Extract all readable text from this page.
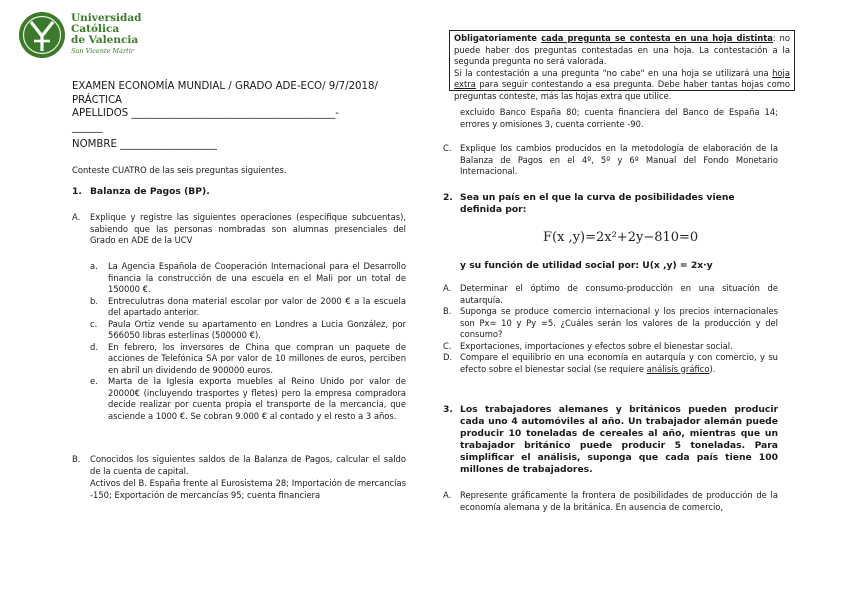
Universidad
Católica
de Valencia
San Vicente Mártir
EXAMEN ECONOMÍA MUNDIAL / GRADO ADE-ECO/ 9/7/2018/
PRÁCTICA
APELLIDOS ________________________________________-
______
NOMBRE ___________________
Conteste CUATRO de las seis preguntas siguientes.
1. Balanza de Pagos (BP).
A. Explique y registre las siguientes operaciones (especifique subcuentas), sabiendo que las personas nombradas son alumnas presenciales del Grado en ADE de la UCV
a. La Agencia Española de Cooperación Internacional para el Desarrollo financia la construcción de una escuela en el Mali por un total de 150000 €.
b. Entreculutras dona material escolar por valor de 2000 € a la escuela del apartado anterior.
c. Paula Ortiz vende su apartamento en Londres a Lucia González, por 566050 libras esterlinas (500000 €).
d. En febrero, los inversores de China que compran un paquete de acciones de Telefónica SA por valor de 10 millones de euros, perciben en abril un dividendo de 900000 euros.
e. Marta de la Iglesia exporta muebles al Reino Unido por valor de 20000€ (incluyendo trasportes y fletes) pero la empresa compradora decide realizar por cuenta propia el transporte de la mercancía, que asciende a 1000 €. Se cobran 9.000 € al contado y el resto a 3 años.
B. Conocidos los siguientes saldos de la Balanza de Pagos, calcular el saldo de la cuenta de capital.
Activos del B. España frente al Eurosistema 28; Importación de mercancías -150; Exportación de mercancías 95; cuenta financiera
Obligatoriamente cada pregunta se contesta en una hoja distinta: no puede haber dos preguntas contestadas en una hoja. La contestación a la segunda pregunta no será valorada.
Si la contestación a una pregunta "no cabe" en una hoja se utilizará una hoja extra para seguir contestando a esa pregunta. Debe haber tantas hojas como preguntas conteste, más las hojas extra que utilice.
excluido Banco España 80; cuenta financiera del Banco de España 14; errores y omisiones 3, cuenta corriente -90.
C. Explique los cambios producidos en la metodología de elaboración de la Balanza de Pagos en el 4º, 5º y 6º Manual del Fondo Monetario Internacional.
2. Sea un país en el que la curva de posibilidades viene definida por:
F(x ,y)=2x²+2y−810=0
y su función de utilidad social por: U(x ,y) = 2x·y
A. Determinar el óptimo de consumo-producción en una situación de autarquía.
B. Suponga se produce comercio internacional y los precios internacionales son Px= 10 y Py =5. ¿Cuáles serán los valores de la producción y del consumo?
C. Exportaciones, importaciones y efectos sobre el bienestar social.
D. Compare el equilibrio en una economía en autarquía y con comercio, y su efecto sobre el bienestar social (se requiere análisis gráfico).
3. Los trabajadores alemanes y británicos pueden producir cada uno 4 automóviles al año. Un trabajador alemán puede producir 10 toneladas de cereales al año, mientras que un trabajador británico puede producir 5 toneladas. Para simplificar el análisis, suponga que cada país tiene 100 millones de trabajadores.
A. Represente gráficamente la frontera de posibilidades de producción de la economía alemana y de la británica. En ausencia de comercio,
